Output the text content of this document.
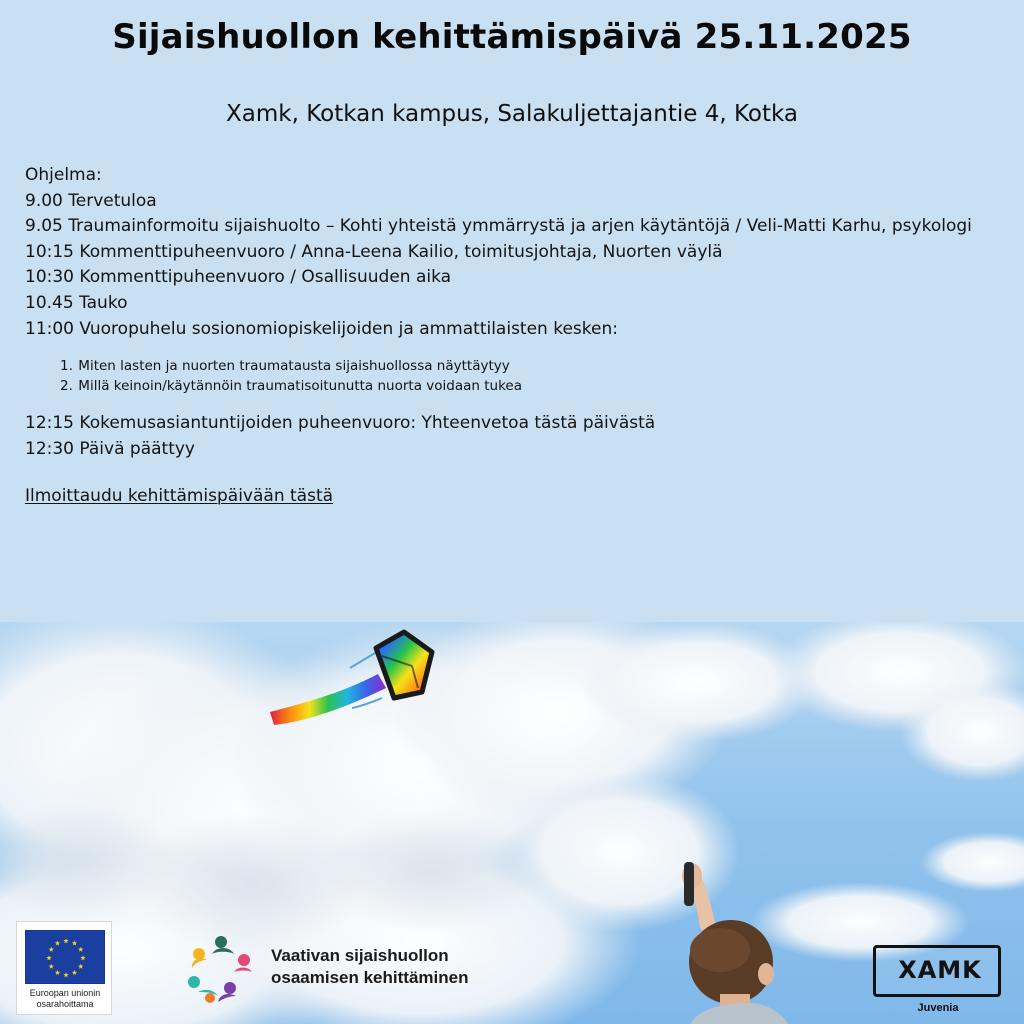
Sijaishuollon kehittämispäivä 25.11.2025

Xamk, Kotkan kampus, Salakuljettajantie 4, Kotka

Ohjelma:
9.00 Tervetuloa
9.05 Traumainformoitu sijaishuolto – Kohti yhteistä ymmärrystä ja arjen käytäntöjä / Veli-Matti Karhu, psykologi
10:15 Kommenttipuheenvuoro / Anna-Leena Kailio, toimitusjohtaja, Nuorten väylä
10:30 Kommenttipuheenvuoro / Osallisuuden aika
10.45 Tauko
11:00 Vuoropuhelu sosionomiopiskelijoiden ja ammattilaisten kesken:
1. Miten lasten ja nuorten traumatausta sijaishuollossa näyttäytyy
2. Millä keinoin/käytännöin traumatisoitunutta nuorta voidaan tukea
12:15 Kokemusasiantuntijoiden puheenvuoro: Yhteenvetoa tästä päivästä
12:30 Päivä päättyy
Ilmoittaudu kehittämispäivään tästä
Euroopan unionin
osarahoittama
Vaativan sijaishuollon
osaamisen kehittäminen	XAMK
Juvenia
